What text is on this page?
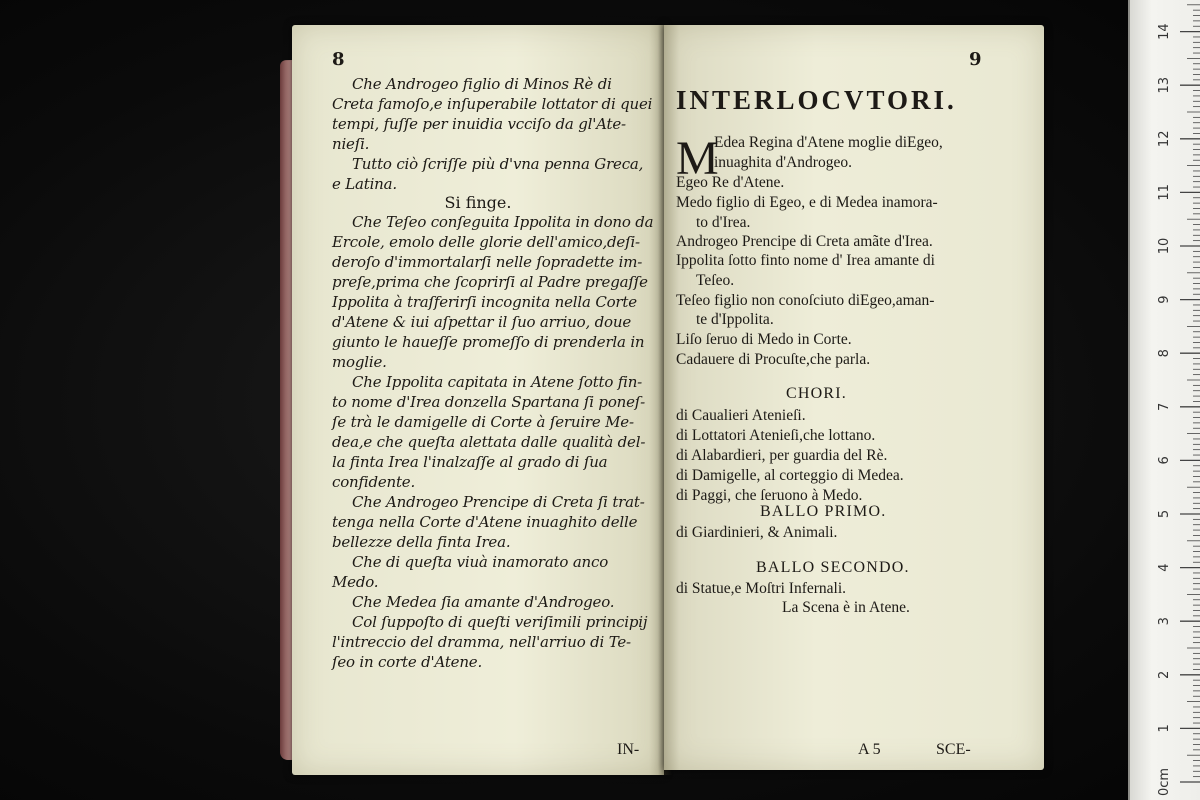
8
Che Androgeo figlio di Minos Rè di
Creta famoſo,e inſuperabile lottator di quei
tempi, fuſſe per inuidia vcciſo da gl'Ate-
nieſi.
Tutto ciò ſcriſſe più d'vna penna Greca,
e Latina.
Si finge.
Che Teſeo conſeguita Ippolita in dono da
Ercole, emolo delle glorie dell'amico,deſi-
deroſo d'immortalarſi nelle ſopradette im-
preſe,prima che ſcoprirſi al Padre pregaſſe
Ippolita à traſferirſi incognita nella Corte
d'Atene & iui aſpettar il ſuo arriuo, doue
giunto le haueſſe promeſſo di prenderla in
moglie.
Che Ippolita capitata in Atene ſotto fin-
to nome d'Irea donzella Spartana ſi poneſ-
ſe trà le damigelle di Corte à ſeruire Me-
dea,e che queſta alettata dalle qualità del-
la finta Irea l'inalzaſſe al grado di ſua
confidente.
Che Androgeo Prencipe di Creta ſi trat-
tenga nella Corte d'Atene inuaghito delle
bellezze della finta Irea.
Che di queſta viuà inamorato anco
Medo.
Che Medea ſia amante d'Androgeo.
Col ſuppoſto di queſti veriſimili principij
l'intreccio del dramma, nell'arriuo di Te-
ſeo in corte d'Atene.
IN-
9
INTERLOCVTORI.
M
Edea Regina d'Atene moglie diEgeo,
inuaghita d'Androgeo.
Egeo Re d'Atene.
Medo figlio di Egeo, e di Medea inamora-
to d'Irea.
Androgeo Prencipe di Creta amãte d'Irea.
Ippolita ſotto finto nome d' Irea amante di
Teſeo.
Teſeo figlio non conoſciuto diEgeo,aman-
te d'Ippolita.
Liſo ſeruo di Medo in Corte.
Cadauere di Procuſte,che parla.
CHORI.
di Caualieri Atenieſi.
di Lottatori Atenieſi,che lottano.
di Alabardieri, per guardia del Rè.
di Damigelle, al corteggio di Medea.
di Paggi, che ſeruono à Medo.
BALLO PRIMO.
di Giardinieri, & Animali.
BALLO SECONDO.
di Statue,e Moſtri Infernali.
La Scena è in Atene.
A 5	SCE-
0cm
1
2
3
4
5
6
7
8
9
10
11
12
13
14
